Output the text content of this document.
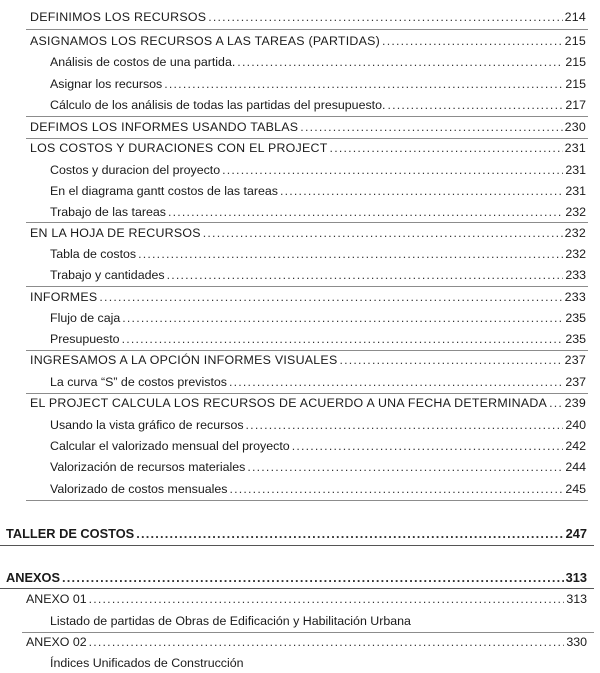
DEFINIMOS LOS RECURSOS .....	214
ASIGNAMOS LOS RECURSOS A LAS TAREAS (PARTIDAS) .....	215
Análisis de costos de una partida. .....	215
Asignar los recursos .....	215
Cálculo de los análisis de todas las partidas del presupuesto. .....	217
DEFIMOS LOS INFORMES USANDO TABLAS .....	230
LOS COSTOS Y DURACIONES CON EL PROJECT .....	231
Costos y duracion del proyecto .....	231
En el diagrama gantt costos de las tareas .....	231
Trabajo de las tareas .....	232
EN LA HOJA DE RECURSOS .....	232
Tabla de costos .....	232
Trabajo y cantidades .....	233
INFORMES .....	233
Flujo de caja .....	235
Presupuesto .....	235
INGRESAMOS A LA OPCIÓN INFORMES VISUALES .....	237
La curva “S” de costos previstos .....	237
EL PROJECT CALCULA LOS RECURSOS DE ACUERDO A UNA FECHA DETERMINADA ..... 239
Usando la vista gráfico de recursos .....	240
Calcular el valorizado mensual del proyecto .....	242
Valorización de recursos materiales .....	244
Valorizado de costos mensuales .....	245
TALLER DE COSTOS .....	247
ANEXOS .....	313
ANEXO 01 .....	313
Listado de partidas de Obras de Edificación y Habilitación Urbana
ANEXO 02 .....	330
Índices Unificados de Construcción
